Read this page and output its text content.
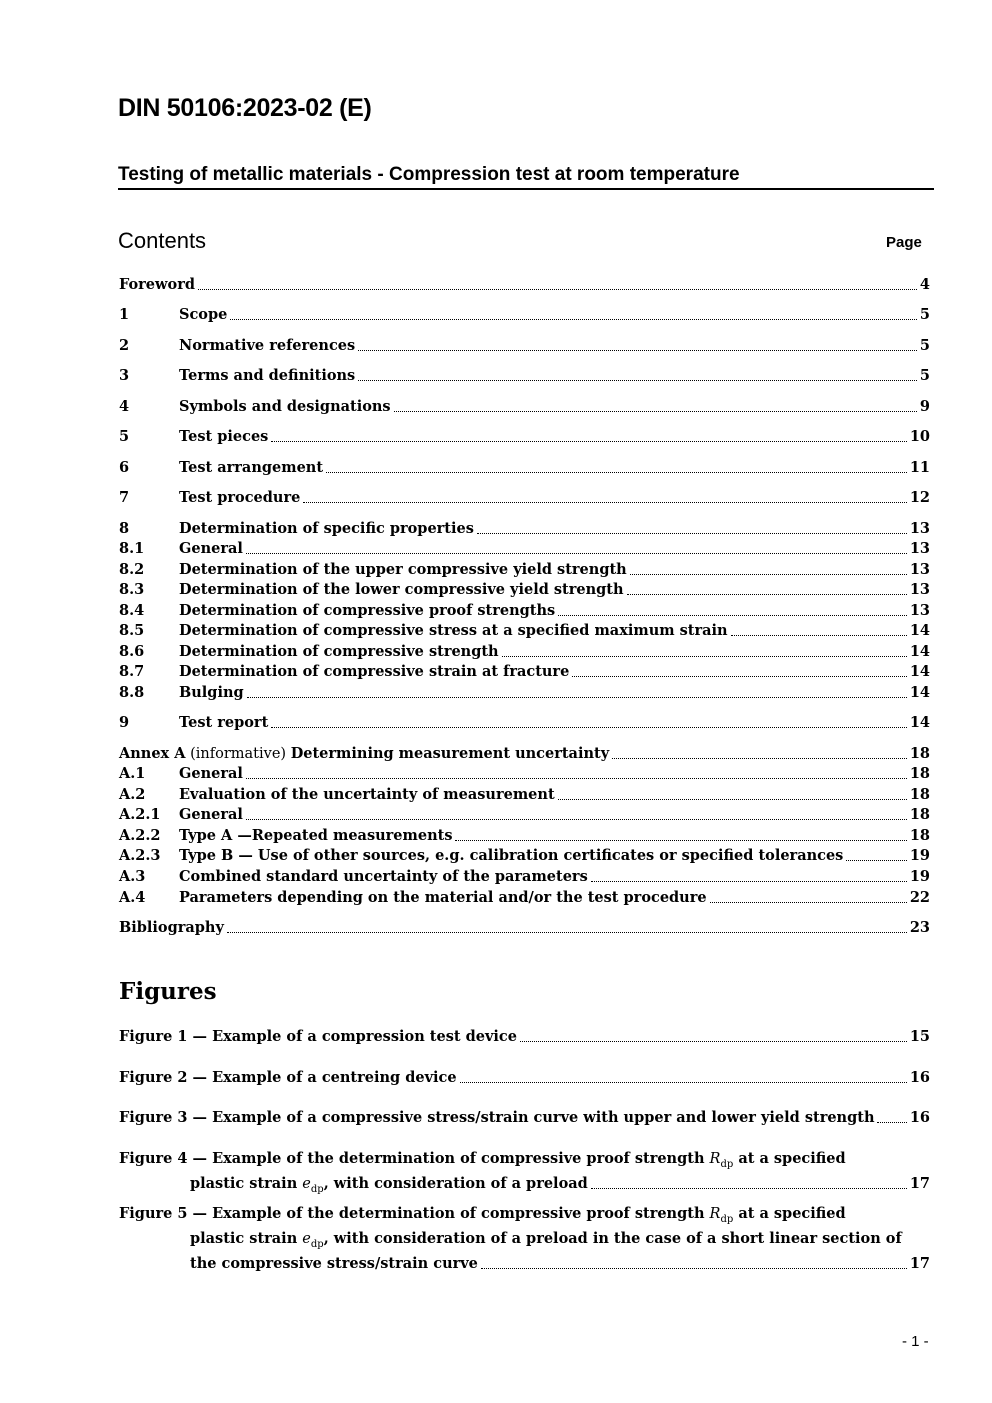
DIN 50106:2023-02 (E)
Testing of metallic materials - Compression test at room temperature
Contents	Page
Foreword	4
1	Scope	5
2	Normative references	5
3	Terms and definitions	5
4	Symbols and designations	9
5	Test pieces	10
6	Test arrangement	11
7	Test procedure	12
8	Determination of specific properties	13
8.1	General	13
8.2	Determination of the upper compressive yield strength	13
8.3	Determination of the lower compressive yield strength	13
8.4	Determination of compressive proof strengths	13
8.5	Determination of compressive stress at a specified maximum strain	14
8.6	Determination of compressive strength	14
8.7	Determination of compressive strain at fracture	14
8.8	Bulging	14
9	Test report	14
Annex A (informative) Determining measurement uncertainty	18
A.1	General	18
A.2	Evaluation of the uncertainty of measurement	18
A.2.1	General	18
A.2.2	Type A —Repeated measurements	18
A.2.3	Type B — Use of other sources, e.g. calibration certificates or specified tolerances	19
A.3	Combined standard uncertainty of the parameters	19
A.4	Parameters depending on the material and/or the test procedure	22
Bibliography	23
Figures
Figure 1 — Example of a compression test device	15
Figure 2 — Example of a centreing device	16
Figure 3 — Example of a compressive stress/strain curve with upper and lower yield strength 16
Figure 4 — Example of the determination of compressive proof strength $R_{dp}$ at a specified
plastic strain $e_{dp}$, with consideration of a preload	17
Figure 5 — Example of the determination of compressive proof strength $R_{dp}$ at a specified
plastic strain $e_{dp}$, with consideration of a preload in the case of a short linear section of
the compressive stress/strain curve	17
- 1 -
